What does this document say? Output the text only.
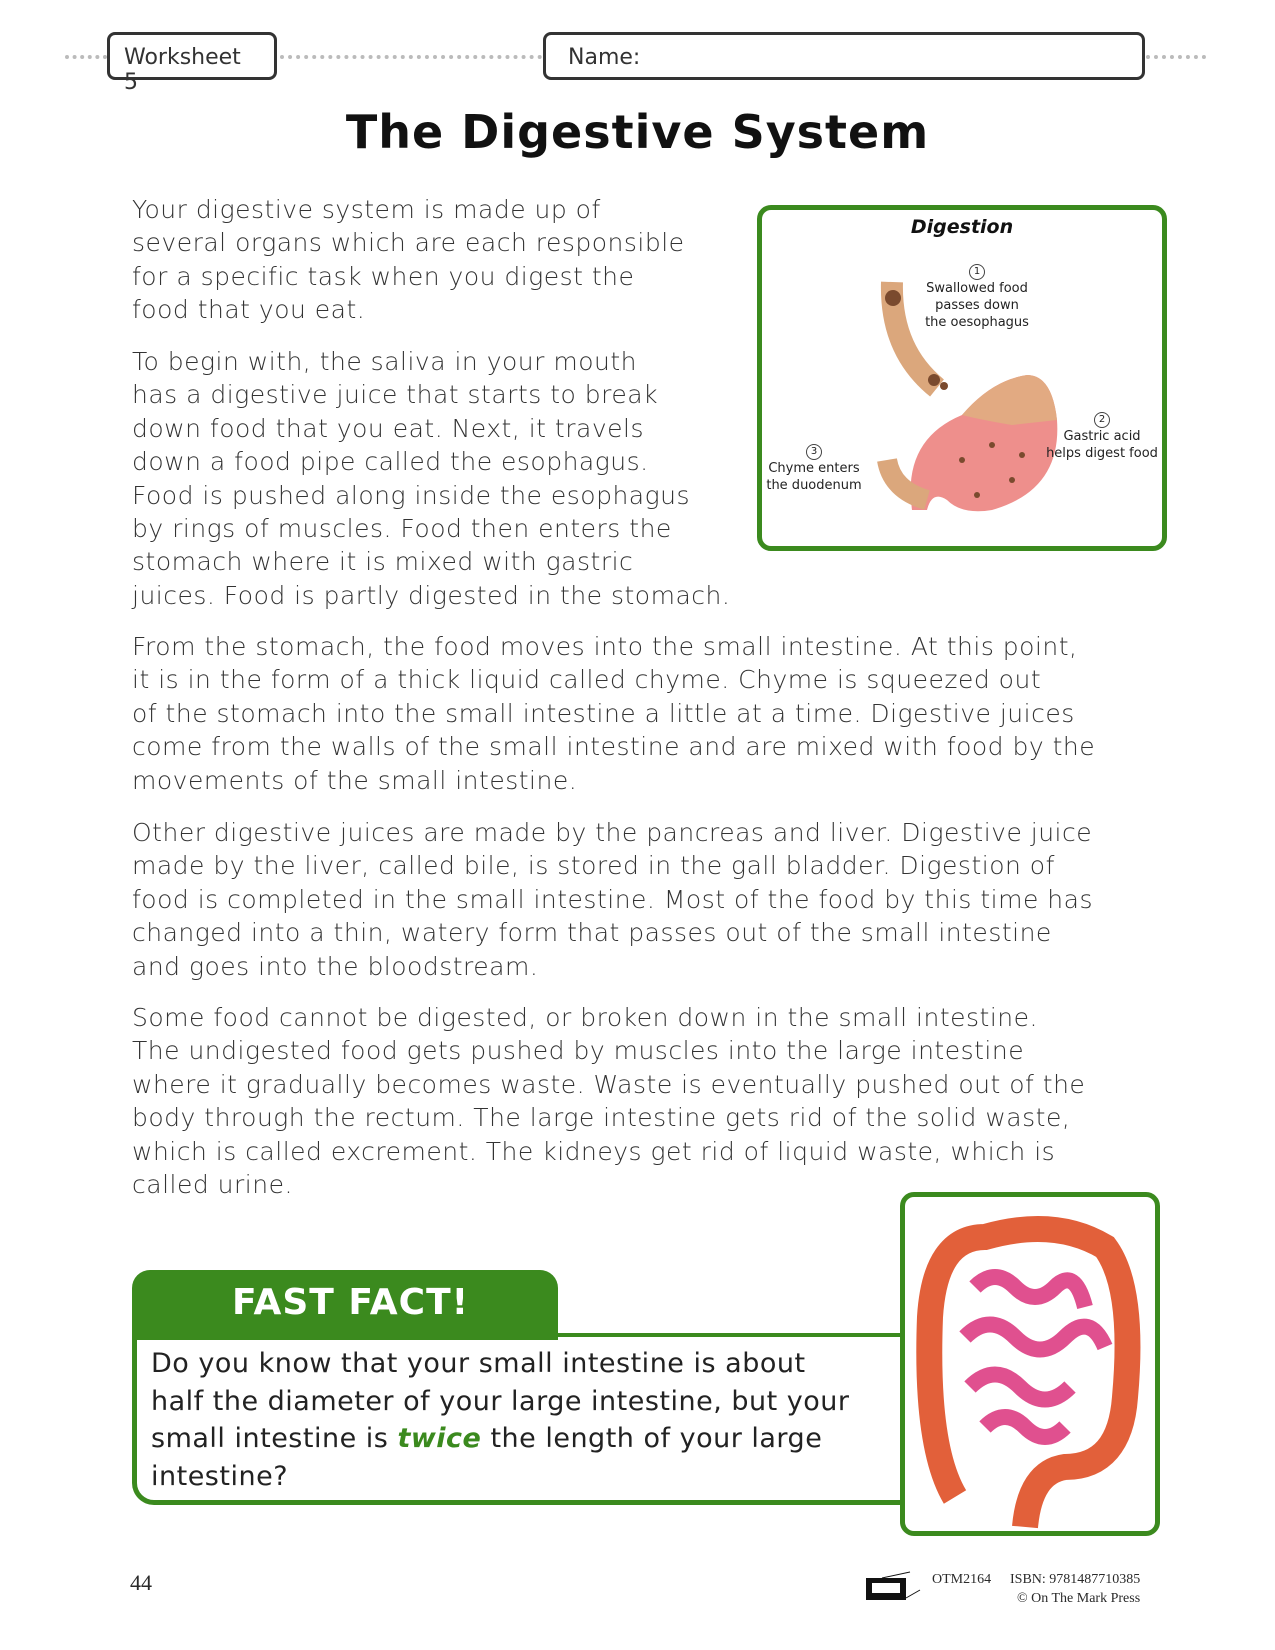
Worksheet 5
Name:
The Digestive System
Your digestive system is made up of
several organs which are each responsible
for a specific task when you digest the
food that you eat.
To begin with, the saliva in your mouth
has a digestive juice that starts to break
down food that you eat. Next, it travels
down a food pipe called the esophagus.
Food is pushed along inside the esophagus
by rings of muscles. Food then enters the
stomach where it is mixed with gastric
juices. Food is partly digested in the stomach.
From the stomach, the food moves into the small intestine. At this point,
it is in the form of a thick liquid called chyme. Chyme is squeezed out
of the stomach into the small intestine a little at a time. Digestive juices
come from the walls of the small intestine and are mixed with food by the
movements of the small intestine.
Other digestive juices are made by the pancreas and liver. Digestive juice
made by the liver, called bile, is stored in the gall bladder. Digestion of
food is completed in the small intestine. Most of the food by this time has
changed into a thin, watery form that passes out of the small intestine
and goes into the bloodstream.
Some food cannot be digested, or broken down in the small intestine.
The undigested food gets pushed by muscles into the large intestine
where it gradually becomes waste. Waste is eventually pushed out of the
body through the rectum. The large intestine gets rid of the solid waste,
which is called excrement. The kidneys get rid of liquid waste, which is
called urine.
Digestion
1
Swallowed food
passes down
the oesophagus
2
Gastric acid
helps digest food
3
Chyme enters
the duodenum
FAST FACT!
Do you know that your small intestine is about
half the diameter of your large intestine, but your
small intestine is twice the length of your large
intestine?
44	OTM2164 ISBN: 9781487710385
© On The Mark Press
